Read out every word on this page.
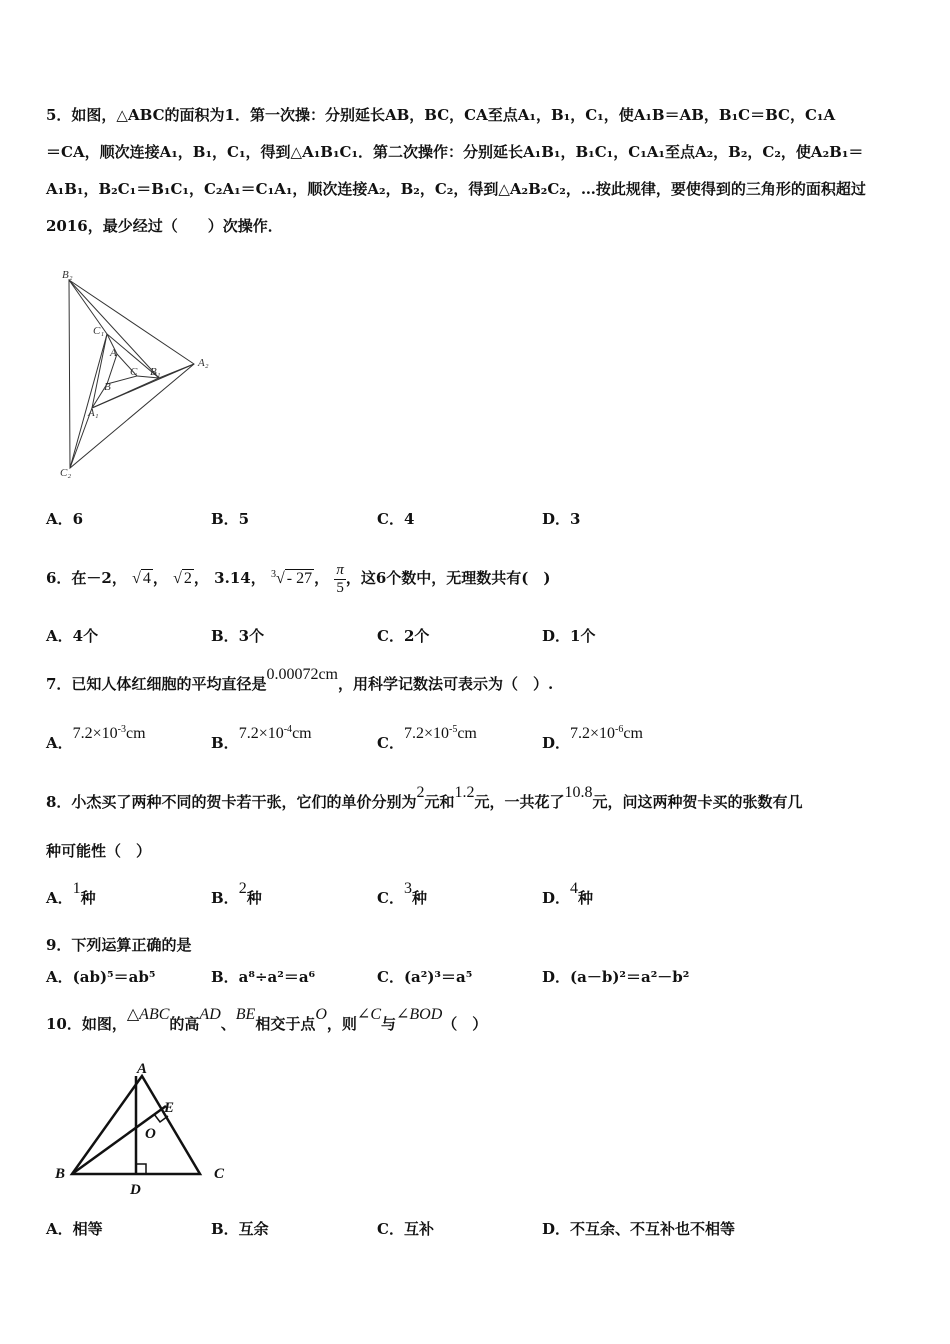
5．如图，△ABC的面积为1．第一次操：分别延长AB，BC，CA至点A₁，B₁，C₁，使A₁B＝AB，B₁C＝BC，C₁A
＝CA，顺次连接A₁，B₁，C₁，得到△A₁B₁C₁．第二次操作：分别延长A₁B₁，B₁C₁，C₁A₁至点A₂，B₂，C₂，使A₂B₁＝
A₁B₁，B₂C₁＝B₁C₁，C₂A₁＝C₁A₁，顺次连接A₂，B₂，C₂，得到△A₂B₂C₂，…按此规律，要使得到的三角形的面积超过
2016，最少经过（　　）次操作．
B₂
C₁
A
C B₁
A₂
B
A₁
C₂
A．6	B．5	C．4	D．3
6．在－2， √ 4 ， √ 2 ， 3.14， $^3$√ - 27 ， $\frac{\pi}{5}$ ，这6个数中，无理数共有(　)
A．4个	B．3个	C．2个	D．1个
7．已知人体红细胞的平均直径是0.00072cm，用科学记数法可表示为（　）.
A．$7.2\times 10^{-3}cm$
B．$7.2\times 10^{-4}cm$
C．$7.2\times 10^{-5}cm$
D．$7.2\times 10^{-6}cm$
8．小杰买了两种不同的贺卡若干张，它们的单价分别为2元和1.2元，一共花了10.8元，问这两种贺卡买的张数有几
种可能性（　）
A．1种	B．2种	C．3种	D．4种
9．下列运算正确的是
A．(ab)⁵＝ab⁵	B．a⁸÷a²＝a⁶	C．(a²)³＝a⁵	D．(a－b)²＝a²－b²
10．如图，△ABC的高AD、BE相交于点O，则∠C与∠BOD（　）
A
E
O
B
D
C
A．相等	B．互余	C．互补	D．不互余、不互补也不相等
